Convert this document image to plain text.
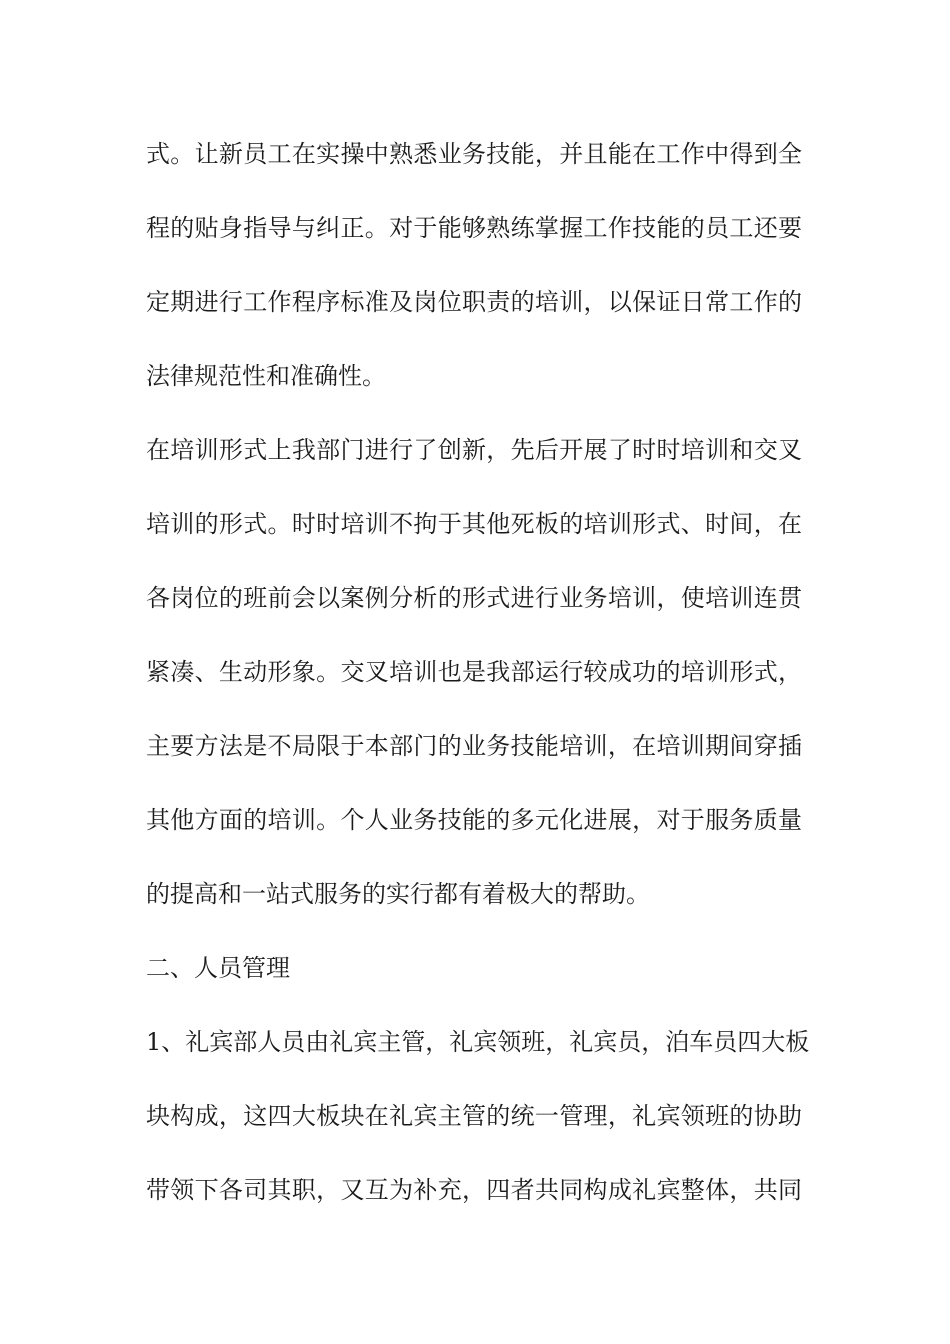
式。让新员工在实操中熟悉业务技能，并且能在工作中得到全

程的贴身指导与纠正。对于能够熟练掌握工作技能的员工还要

定期进行工作程序标准及岗位职责的培训，以保证日常工作的

法律规范性和准确性。

在培训形式上我部门进行了创新，先后开展了时时培训和交叉

培训的形式。时时培训不拘于其他死板的培训形式、时间，在

各岗位的班前会以案例分析的形式进行业务培训，使培训连贯

紧凑、生动形象。交叉培训也是我部运行较成功的培训形式，

主要方法是不局限于本部门的业务技能培训，在培训期间穿插

其他方面的培训。个人业务技能的多元化进展，对于服务质量

的提高和一站式服务的实行都有着极大的帮助。

二、人员管理

1、礼宾部人员由礼宾主管，礼宾领班，礼宾员，泊车员四大板

块构成，这四大板块在礼宾主管的统一管理，礼宾领班的协助

带领下各司其职，又互为补充，四者共同构成礼宾整体，共同
